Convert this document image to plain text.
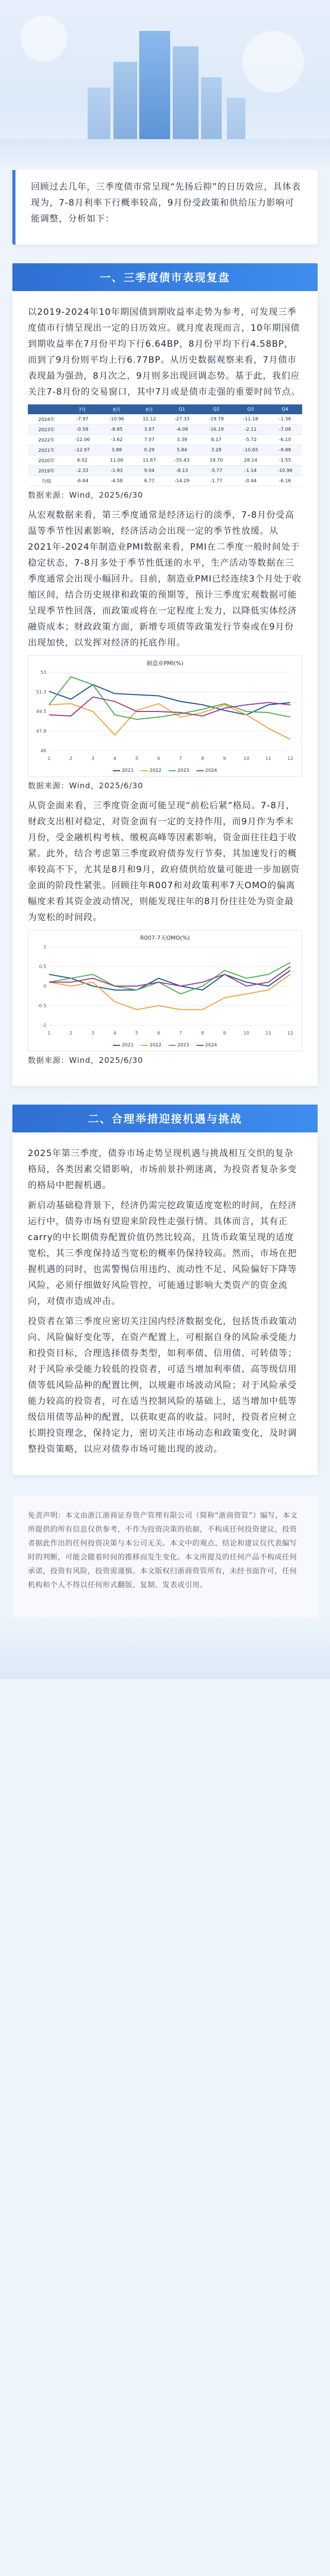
回顾过去几年，三季度债市常呈现“先扬后抑”的日历效应，具体表现为，7-8月利率下行概率较高，9月份受政策和供给压力影响可能调整，分析如下：

一、三季度债市表现复盘

以2019-2024年10年期国债到期收益率走势为参考，可发现三季度债市行情呈现出一定的日历效应。就月度表现而言，10年期国债到期收益率在7月份平均下行6.64BP，8月份平均下行4.58BP，而到了9月份则平均上行6.77BP。从历史数据观察来看，7月债市表现最为强劲，8月次之，9月则多出现回调态势。基于此，我们应关注7-8月份的交易窗口，其中7月或是债市走强的重要时间节点。

	7月	8月	9月	Q1	Q2	Q3	Q4
2024年	-7.97	-10.96	11.12	-27.33	-19.79	-11.18	-1.38
2023年	-0.58	-8.85	3.87	-4.09	-16.19	-2.11	-7.08
2022年	-12.06	-3.62	7.07	3.39	8.17	-5.72	-6.10
2021年	-12.97	3.88	0.29	5.84	3.28	-10.65	-9.88
2020年	6.02	11.00	11.67	-55.43	19.70	28.14	-1.55
2019年	-2.33	-1.93	9.04	-8.13	-5.77	-1.14	-10.96
均值	-6.64	-4.58	6.77	-14.29	-1.77	-0.44	-6.16
数据来源：Wind，2025/6/30

从宏观数据来看，第三季度通常是经济运行的淡季，7-8月份受高温等季节性因素影响，经济活动会出现一定的季节性放缓。从2021年-2024年制造业PMI数据来看，PMI在二季度一般时间处于稳定状态，7-8月多处于季节性低迷的水平，生产活动等数据在三季度通常会出现小幅回升。目前，制造业PMI已经连续3个月处于收缩区间，结合历史规律和政策的预期等，预计三季度宏观数据可能呈现季节性回落，而政策或将在一定程度上发力，以降低实体经济融资成本；财政政策方面，新增专项债等政策发行节奏或在9月份出现加快，以发挥对经济的托底作用。

制造业PMI(%)
46
47.8
49.5
51.3
53
1	2	3	4	5	6	7	8	9	10	11	12
2021	2022	2023	2024
数据来源：Wind，2025/6/30

从资金面来看，三季度资金面可能呈现“前松后紧”格局。7-8月，财政支出相对稳定，对资金面有一定的支持作用，而9月作为季末月份，受金融机构考核、缴税高峰等因素影响，资金面往往趋于收紧。此外，结合考虑第三季度政府债券发行节奏，其加速发行的概率较高不下，尤其是8月和9月，政府债供给放量可能进一步加剧资金面的阶段性紧张。回顾往年R007和对政策利率7天OMO的偏离幅度来看其资金波动情况，则能发现往年的8月份往往处为资金最为宽松的时间段。

R007-7天OMO(%)
-1
-0.5
0
0.5
1
1	2	3	4	5	6	7	8	9	10	11	12
2021	2022	2023	2024
数据来源：Wind，2025/6/30
二、合理举措迎接机遇与挑战

2025年第三季度，债券市场走势呈现机遇与挑战相互交织的复杂格局，各类因素交错影响，市场前景扑朔迷离，为投资者复杂多变的格局中把握机遇。

新启动基础稳背景下，经济仍需完挖政策适度宽松的时间，在经济运行中，债券市场有望迎来阶段性走强行情。具体而言，其有正carry的中长期债券配置价值仍然比较高，且货币政策呈现的适度宽松，其三季度保持适当宽松的概率仍保持较高。然而，市场在把握机遇的同时，也需警惕信用违约、流动性不足、风险偏好下降等风险，必须仔细做好风险管控，可能通过影响大类资产的资金流向，对债市造成冲击。

投资者在第三季度应密切关注国内经济数据变化，包括货币政策动向、风险偏好变化等，在资产配置上，可根据自身的风险承受能力和投资目标，合理选择债券类型，如利率债、信用债、可转债等；对于风险承受能力较低的投资者，可适当增加利率债、高等级信用债等低风险品种的配置比例，以规避市场波动风险；对于风险承受能力较高的投资者，可在适当控制风险的基础上，适当增加中低等级信用债等品种的配置，以获取更高的收益。同时，投资者应树立长期投资理念，保持定力，密切关注市场动态和政策变化，及时调整投资策略，以应对债券市场可能出现的波动。

免责声明：本文由浙江浙商证券资产管理有限公司（简称“浙商资管”）编写，本文所提供的所有信息仅供参考，不作为投资决策的依据，不构成任何投资建议，投资者据此作出的任何投资决策与本公司无关。本文中的观点、结论和建议仅代表编写时的判断，可能会随着时间的推移而发生变化。本文所提及的任何产品不构成任何承诺，投资有风险，投资需谨慎。本文版权归浙商资管所有，未经书面许可，任何机构和个人不得以任何形式翻版、复制、发表或引用。
